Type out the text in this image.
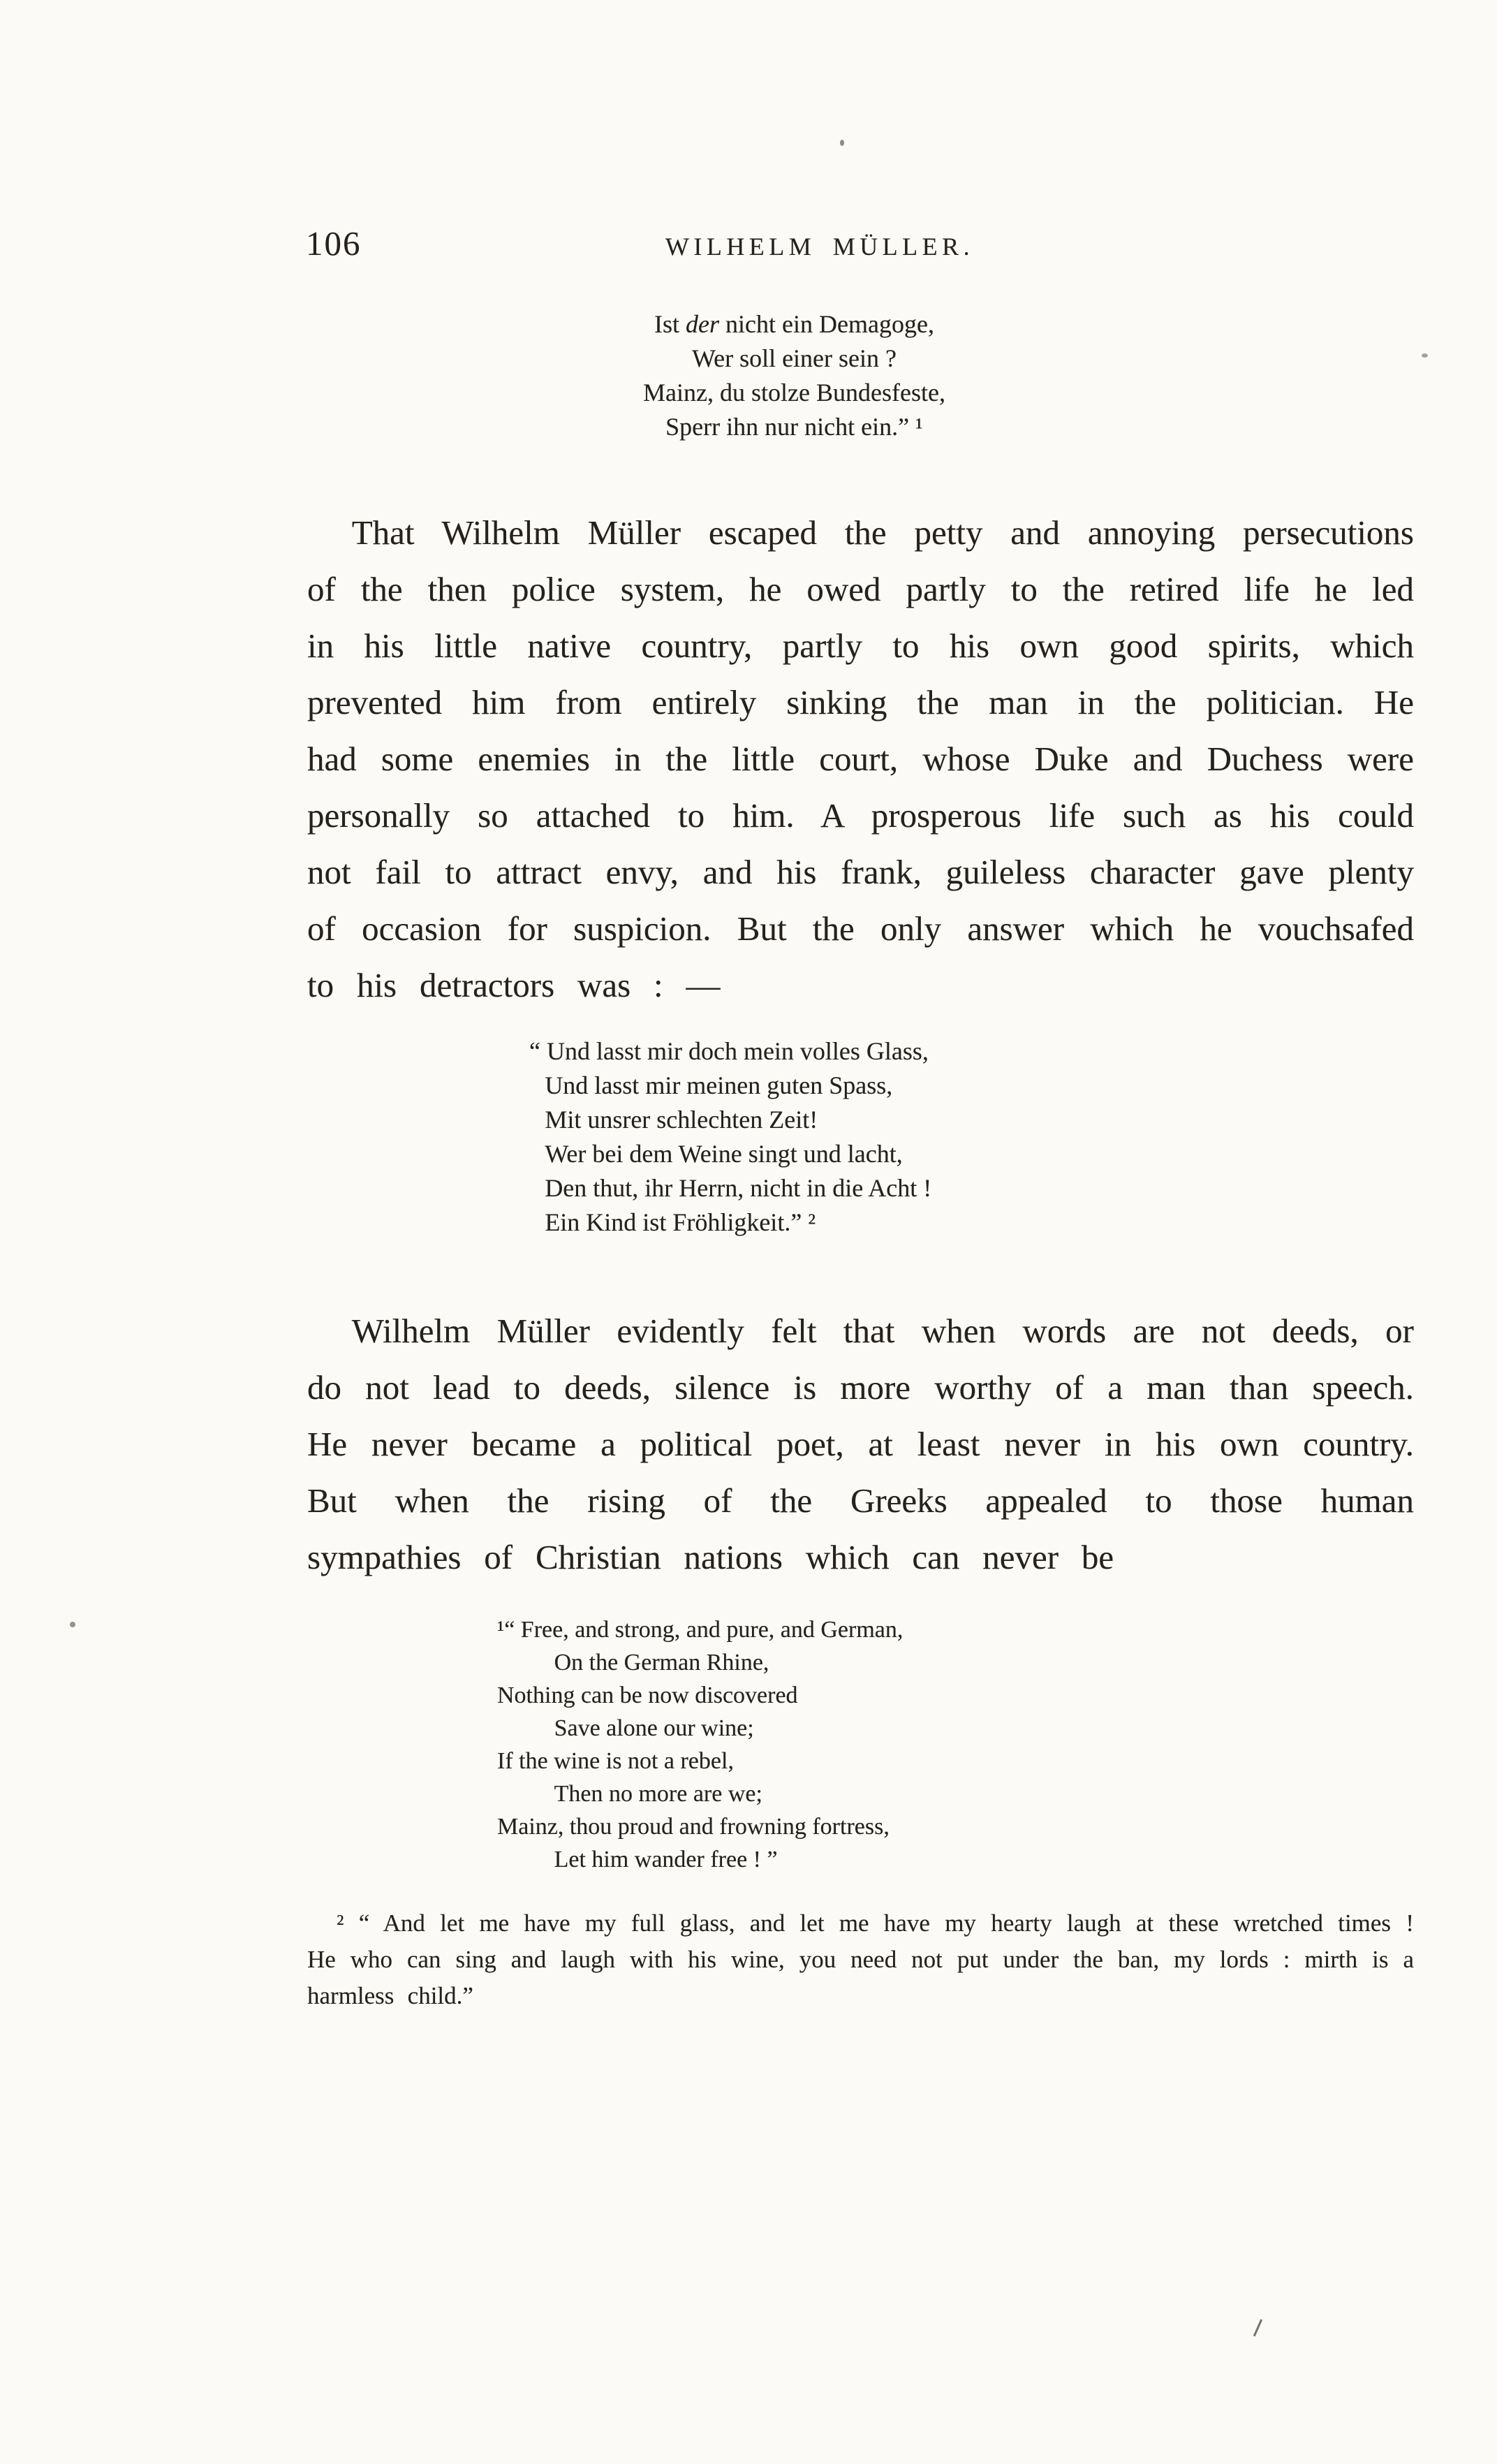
106	WILHELM MÜLLER.
Ist der nicht ein Demagoge,
Wer soll einer sein ?
Mainz, du stolze Bundesfeste,
Sperr ihn nur nicht ein.” ¹

That Wilhelm Müller escaped the petty and annoying persecutions of the then police system, he owed partly to the retired life he led in his little native country, partly to his own good spirits, which prevented him from entirely sinking the man in the politician. He had some enemies in the little court, whose Duke and Duchess were personally so attached to him. A prosperous life such as his could not fail to attract envy, and his frank, guileless character gave plenty of occasion for suspicion. But the only answer which he vouchsafed to his detractors was : —

“ Und lasst mir doch mein volles Glass,
Und lasst mir meinen guten Spass,
Mit unsrer schlechten Zeit!
Wer bei dem Weine singt und lacht,
Den thut, ihr Herrn, nicht in die Acht !
Ein Kind ist Fröhligkeit.” ²

Wilhelm Müller evidently felt that when words are not deeds, or do not lead to deeds, silence is more worthy of a man than speech. He never became a political poet, at least never in his own country. But when the rising of the Greeks appealed to those human sympathies of Christian nations which can never be

¹“ Free, and strong, and pure, and German,
On the German Rhine,
Nothing can be now discovered
Save alone our wine;
If the wine is not a rebel,
Then no more are we;
Mainz, thou proud and frowning fortress,
Let him wander free ! ”

² “ And let me have my full glass, and let me have my hearty laugh at these wretched times ! He who can sing and laugh with his wine, you need not put under the ban, my lords : mirth is a harmless child.”
